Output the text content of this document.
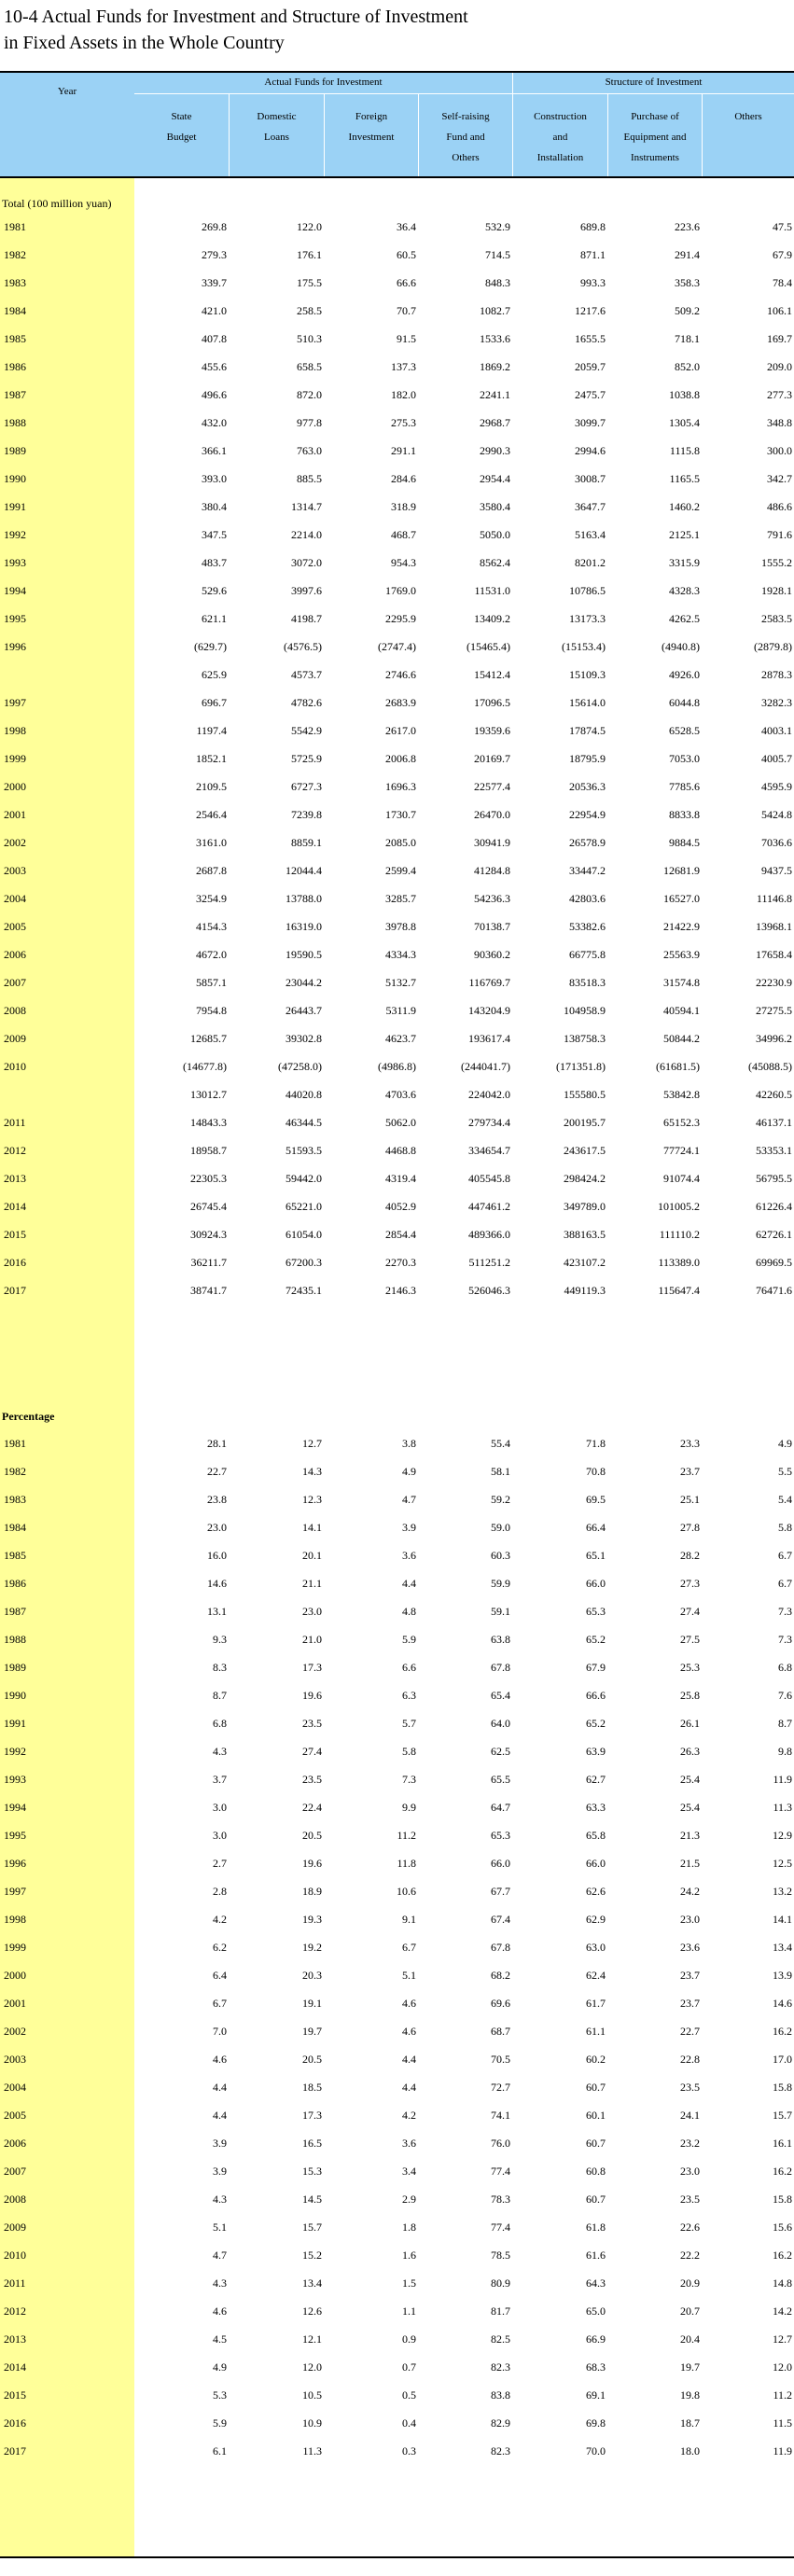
10-4 Actual Funds for Investment and Structure of Investment
in Fixed Assets in the Whole Country
Year
Actual Funds for Investment	Structure of Investment
State
Budget
Domestic
Loans
Foreign
Investment
Self-raising
Fund and
Others
Construction
and
Installation
Purchase of
Equipment and
Instruments
Others
Total (100 million yuan)
1981	269.8	122.0	36.4	532.9	689.8	223.6	47.5
1982	279.3	176.1	60.5	714.5	871.1	291.4	67.9
1983	339.7	175.5	66.6	848.3	993.3	358.3	78.4
1984	421.0	258.5	70.7	1082.7	1217.6	509.2	106.1
1985	407.8	510.3	91.5	1533.6	1655.5	718.1	169.7
1986	455.6	658.5	137.3	1869.2	2059.7	852.0	209.0
1987	496.6	872.0	182.0	2241.1	2475.7	1038.8	277.3
1988	432.0	977.8	275.3	2968.7	3099.7	1305.4	348.8
1989	366.1	763.0	291.1	2990.3	2994.6	1115.8	300.0
1990	393.0	885.5	284.6	2954.4	3008.7	1165.5	342.7
1991	380.4	1314.7	318.9	3580.4	3647.7	1460.2	486.6
1992	347.5	2214.0	468.7	5050.0	5163.4	2125.1	791.6
1993	483.7	3072.0	954.3	8562.4	8201.2	3315.9	1555.2
1994	529.6	3997.6	1769.0	11531.0	10786.5	4328.3	1928.1
1995	621.1	4198.7	2295.9	13409.2	13173.3	4262.5	2583.5
1996	(629.7)	(4576.5)	(2747.4)	(15465.4)	(15153.4)	(4940.8)	(2879.8)
625.9	4573.7	2746.6	15412.4	15109.3	4926.0	2878.3
1997	696.7	4782.6	2683.9	17096.5	15614.0	6044.8	3282.3
1998	1197.4	5542.9	2617.0	19359.6	17874.5	6528.5	4003.1
1999	1852.1	5725.9	2006.8	20169.7	18795.9	7053.0	4005.7
2000	2109.5	6727.3	1696.3	22577.4	20536.3	7785.6	4595.9
2001	2546.4	7239.8	1730.7	26470.0	22954.9	8833.8	5424.8
2002	3161.0	8859.1	2085.0	30941.9	26578.9	9884.5	7036.6
2003	2687.8	12044.4	2599.4	41284.8	33447.2	12681.9	9437.5
2004	3254.9	13788.0	3285.7	54236.3	42803.6	16527.0	11146.8
2005	4154.3	16319.0	3978.8	70138.7	53382.6	21422.9	13968.1
2006	4672.0	19590.5	4334.3	90360.2	66775.8	25563.9	17658.4
2007	5857.1	23044.2	5132.7	116769.7	83518.3	31574.8	22230.9
2008	7954.8	26443.7	5311.9	143204.9	104958.9	40594.1	27275.5
2009	12685.7	39302.8	4623.7	193617.4	138758.3	50844.2	34996.2
2010	(14677.8)	(47258.0)	(4986.8)	(244041.7)	(171351.8)	(61681.5)	(45088.5)
13012.7	44020.8	4703.6	224042.0	155580.5	53842.8	42260.5
2011	14843.3	46344.5	5062.0	279734.4	200195.7	65152.3	46137.1
2012	18958.7	51593.5	4468.8	334654.7	243617.5	77724.1	53353.1
2013	22305.3	59442.0	4319.4	405545.8	298424.2	91074.4	56795.5
2014	26745.4	65221.0	4052.9	447461.2	349789.0	101005.2	61226.4
2015	30924.3	61054.0	2854.4	489366.0	388163.5	111110.2	62726.1
2016	36211.7	67200.3	2270.3	511251.2	423107.2	113389.0	69969.5
2017	38741.7	72435.1	2146.3	526046.3	449119.3	115647.4	76471.6
Percentage
1981	28.1	12.7	3.8	55.4	71.8	23.3	4.9
1982	22.7	14.3	4.9	58.1	70.8	23.7	5.5
1983	23.8	12.3	4.7	59.2	69.5	25.1	5.4
1984	23.0	14.1	3.9	59.0	66.4	27.8	5.8
1985	16.0	20.1	3.6	60.3	65.1	28.2	6.7
1986	14.6	21.1	4.4	59.9	66.0	27.3	6.7
1987	13.1	23.0	4.8	59.1	65.3	27.4	7.3
1988	9.3	21.0	5.9	63.8	65.2	27.5	7.3
1989	8.3	17.3	6.6	67.8	67.9	25.3	6.8
1990	8.7	19.6	6.3	65.4	66.6	25.8	7.6
1991	6.8	23.5	5.7	64.0	65.2	26.1	8.7
1992	4.3	27.4	5.8	62.5	63.9	26.3	9.8
1993	3.7	23.5	7.3	65.5	62.7	25.4	11.9
1994	3.0	22.4	9.9	64.7	63.3	25.4	11.3
1995	3.0	20.5	11.2	65.3	65.8	21.3	12.9
1996	2.7	19.6	11.8	66.0	66.0	21.5	12.5
1997	2.8	18.9	10.6	67.7	62.6	24.2	13.2
1998	4.2	19.3	9.1	67.4	62.9	23.0	14.1
1999	6.2	19.2	6.7	67.8	63.0	23.6	13.4
2000	6.4	20.3	5.1	68.2	62.4	23.7	13.9
2001	6.7	19.1	4.6	69.6	61.7	23.7	14.6
2002	7.0	19.7	4.6	68.7	61.1	22.7	16.2
2003	4.6	20.5	4.4	70.5	60.2	22.8	17.0
2004	4.4	18.5	4.4	72.7	60.7	23.5	15.8
2005	4.4	17.3	4.2	74.1	60.1	24.1	15.7
2006	3.9	16.5	3.6	76.0	60.7	23.2	16.1
2007	3.9	15.3	3.4	77.4	60.8	23.0	16.2
2008	4.3	14.5	2.9	78.3	60.7	23.5	15.8
2009	5.1	15.7	1.8	77.4	61.8	22.6	15.6
2010	4.7	15.2	1.6	78.5	61.6	22.2	16.2
2011	4.3	13.4	1.5	80.9	64.3	20.9	14.8
2012	4.6	12.6	1.1	81.7	65.0	20.7	14.2
2013	4.5	12.1	0.9	82.5	66.9	20.4	12.7
2014	4.9	12.0	0.7	82.3	68.3	19.7	12.0
2015	5.3	10.5	0.5	83.8	69.1	19.8	11.2
2016	5.9	10.9	0.4	82.9	69.8	18.7	11.5
2017	6.1	11.3	0.3	82.3	70.0	18.0	11.9
